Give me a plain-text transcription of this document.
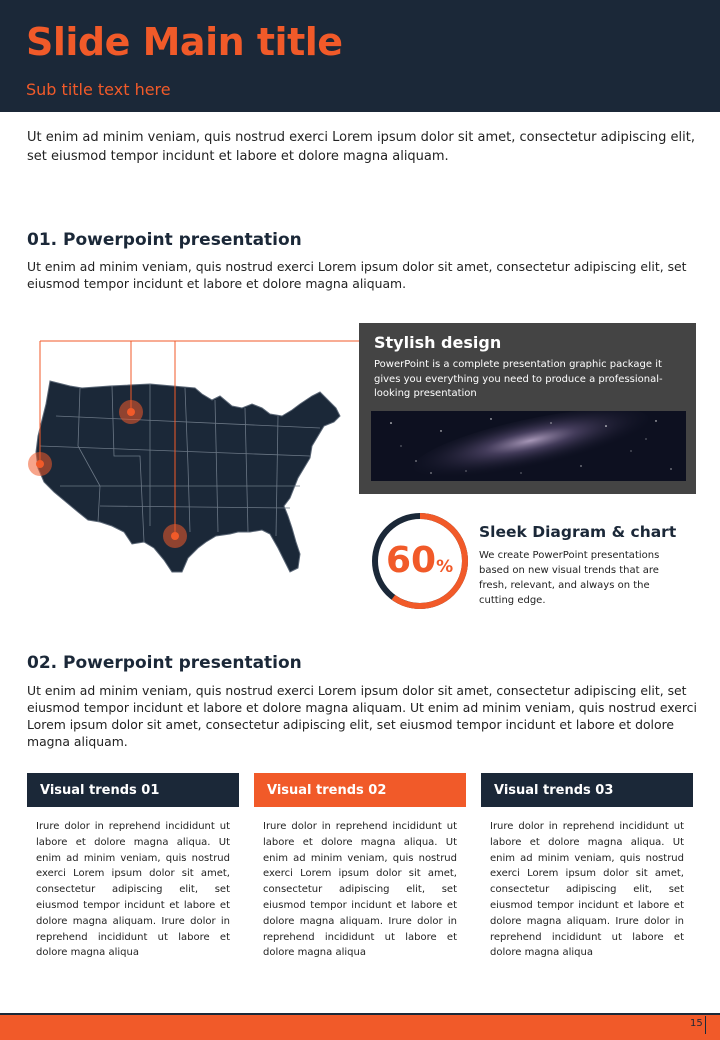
Slide Main title
Sub title text here
Ut enim ad minim veniam, quis nostrud exerci Lorem ipsum dolor sit amet, consectetur adipiscing elit, set eiusmod tempor incidunt et labore et dolore magna aliquam.
01. Powerpoint presentation
Ut enim ad minim veniam, quis nostrud exerci Lorem ipsum dolor sit amet, consectetur adipiscing elit, set eiusmod tempor incidunt et labore et dolore magna aliquam.
Stylish design
PowerPoint is a complete presentation graphic package it gives you everything you need to produce a professional-looking presentation
60%
Sleek Diagram & chart
We create PowerPoint presentations based on new visual trends that are fresh, relevant, and always on the cutting edge.
02. Powerpoint presentation
Ut enim ad minim veniam, quis nostrud exerci Lorem ipsum dolor sit amet, consectetur adipiscing elit, set eiusmod tempor incidunt et labore et dolore magna aliquam. Ut enim ad minim veniam, quis nostrud exerci Lorem ipsum dolor sit amet, consectetur adipiscing elit, set eiusmod tempor incidunt et labore et dolore magna aliquam.
Visual trends 01
Irure dolor in reprehend incididunt ut labore et dolore magna aliqua. Ut enim ad minim veniam, quis nostrud exerci Lorem ipsum dolor sit amet, consectetur adipiscing elit, set eiusmod tempor incidunt et labore et dolore magna aliquam. Irure dolor in reprehend incididunt ut labore et dolore magna aliqua
Visual trends 02
Irure dolor in reprehend incididunt ut labore et dolore magna aliqua. Ut enim ad minim veniam, quis nostrud exerci Lorem ipsum dolor sit amet, consectetur adipiscing elit, set eiusmod tempor incidunt et labore et dolore magna aliquam. Irure dolor in reprehend incididunt ut labore et dolore magna aliqua
Visual trends 03
Irure dolor in reprehend incididunt ut labore et dolore magna aliqua. Ut enim ad minim veniam, quis nostrud exerci Lorem ipsum dolor sit amet, consectetur adipiscing elit, set eiusmod tempor incidunt et labore et dolore magna aliquam. Irure dolor in reprehend incididunt ut labore et dolore magna aliqua
15
